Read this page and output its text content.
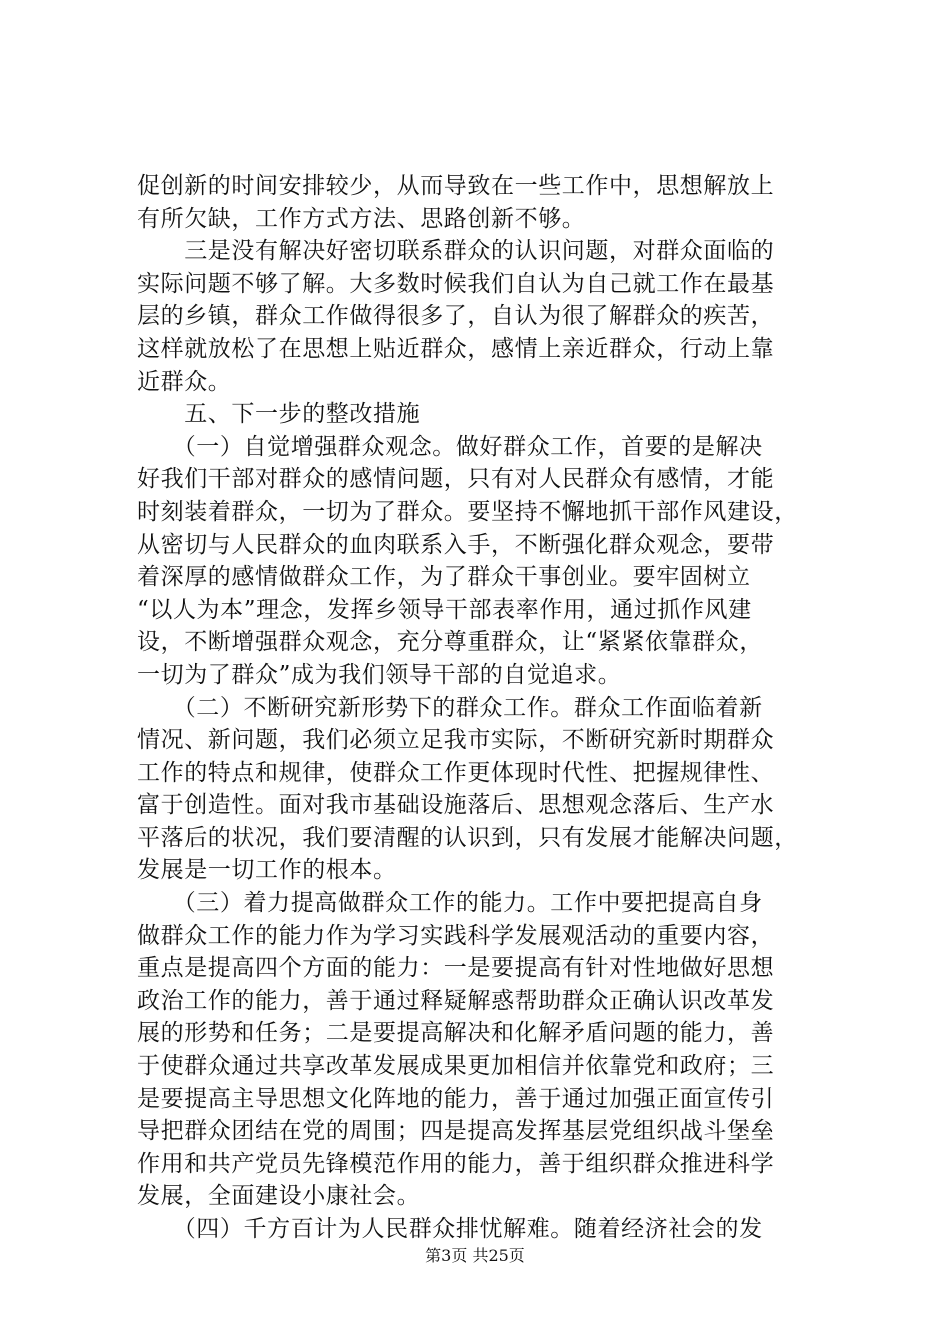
促创新的时间安排较少，从而导致在一些工作中，思想解放上
有所欠缺，工作方式方法、思路创新不够。
　　三是没有解决好密切联系群众的认识问题，对群众面临的
实际问题不够了解。大多数时候我们自认为自己就工作在最基
层的乡镇，群众工作做得很多了，自认为很了解群众的疾苦，
这样就放松了在思想上贴近群众，感情上亲近群众，行动上靠
近群众。
　　五、下一步的整改措施
　　（一）自觉增强群众观念。做好群众工作，首要的是解决
好我们干部对群众的感情问题，只有对人民群众有感情，才能
时刻装着群众，一切为了群众。要坚持不懈地抓干部作风建设，
从密切与人民群众的血肉联系入手，不断强化群众观念，要带
着深厚的感情做群众工作，为了群众干事创业。要牢固树立
“以人为本”理念，发挥乡领导干部表率作用，通过抓作风建
设，不断增强群众观念，充分尊重群众，让“紧紧依靠群众，
一切为了群众”成为我们领导干部的自觉追求。
　　（二）不断研究新形势下的群众工作。群众工作面临着新
情况、新问题，我们必须立足我市实际，不断研究新时期群众
工作的特点和规律，使群众工作更体现时代性、把握规律性、
富于创造性。面对我市基础设施落后、思想观念落后、生产水
平落后的状况，我们要清醒的认识到，只有发展才能解决问题，
发展是一切工作的根本。
　　（三）着力提高做群众工作的能力。工作中要把提高自身
做群众工作的能力作为学习实践科学发展观活动的重要内容，
重点是提高四个方面的能力：一是要提高有针对性地做好思想
政治工作的能力，善于通过释疑解惑帮助群众正确认识改革发
展的形势和任务；二是要提高解决和化解矛盾问题的能力，善
于使群众通过共享改革发展成果更加相信并依靠党和政府；三
是要提高主导思想文化阵地的能力，善于通过加强正面宣传引
导把群众团结在党的周围；四是提高发挥基层党组织战斗堡垒
作用和共产党员先锋模范作用的能力，善于组织群众推进科学
发展，全面建设小康社会。
　　（四）千方百计为人民群众排忧解难。随着经济社会的发
第3页 共25页
